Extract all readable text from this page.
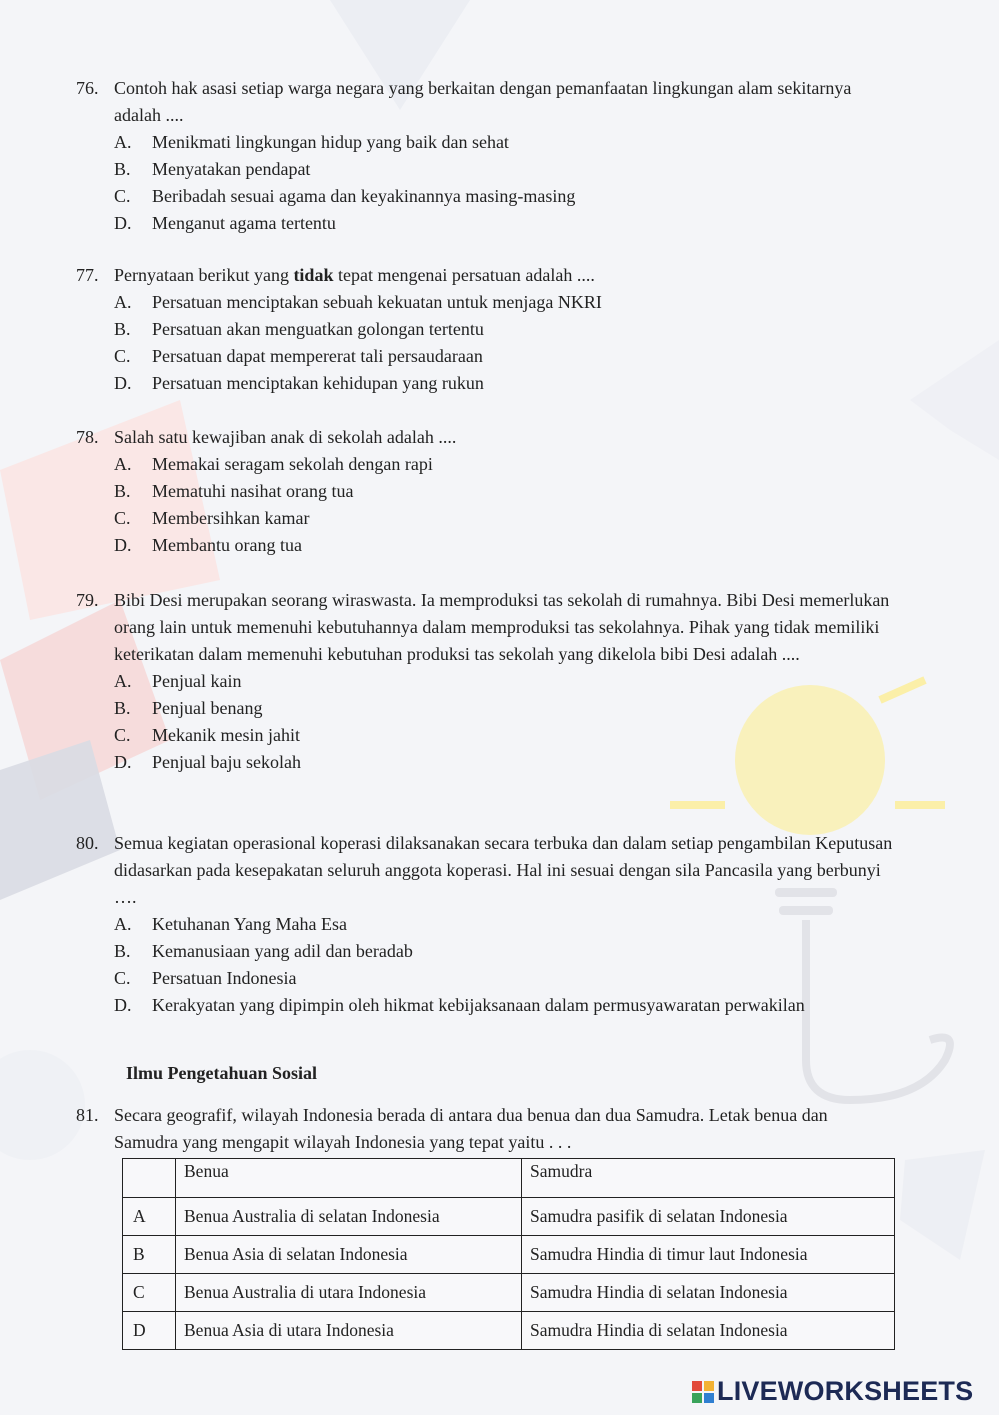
76. Contoh hak asasi setiap warga negara yang berkaitan dengan pemanfaatan lingkungan alam sekitarnya adalah ....
A.	Menikmati lingkungan hidup yang baik dan sehat
B.	Menyatakan pendapat
C.	Beribadah sesuai agama dan keyakinannya masing-masing
D.	Menganut agama tertentu
77. Pernyataan berikut yang tidak tepat mengenai persatuan adalah ....
A.	Persatuan menciptakan sebuah kekuatan untuk menjaga NKRI
B.	Persatuan akan menguatkan golongan tertentu
C.	Persatuan dapat mempererat tali persaudaraan
D.	Persatuan menciptakan kehidupan yang rukun
78. Salah satu kewajiban anak di sekolah adalah ....
A.	Memakai seragam sekolah dengan rapi
B.	Mematuhi nasihat orang tua
C.	Membersihkan kamar
D.	Membantu orang tua
79. Bibi Desi merupakan seorang wiraswasta. Ia memproduksi tas sekolah di rumahnya. Bibi Desi memerlukan orang lain untuk memenuhi kebutuhannya dalam memproduksi tas sekolahnya. Pihak yang tidak memiliki keterikatan dalam memenuhi kebutuhan produksi tas sekolah yang dikelola bibi Desi adalah ....
A.	Penjual kain
B.	Penjual benang
C.	Mekanik mesin jahit
D.	Penjual baju sekolah
80. Semua kegiatan operasional koperasi dilaksanakan secara terbuka dan dalam setiap pengambilan Keputusan didasarkan pada kesepakatan seluruh anggota koperasi. Hal ini sesuai dengan sila Pancasila yang berbunyi ….
A.	Ketuhanan Yang Maha Esa
B.	Kemanusiaan yang adil dan beradab
C.	Persatuan Indonesia
D.	Kerakyatan yang dipimpin oleh hikmat kebijaksanaan dalam permusyawaratan perwakilan
Ilmu Pengetahuan Sosial
81. Secara geografif, wilayah Indonesia berada di antara dua benua dan dua Samudra. Letak benua dan Samudra yang mengapit wilayah Indonesia yang tepat yaitu . . .
	Benua	Samudra
A	Benua Australia di selatan Indonesia	Samudra pasifik di selatan Indonesia
B	Benua Asia di selatan Indonesia	Samudra Hindia di timur laut Indonesia
C	Benua Australia di utara Indonesia	Samudra Hindia di selatan Indonesia
D	Benua Asia di utara Indonesia	Samudra Hindia di selatan Indonesia
LIVEWORKSHEETS
